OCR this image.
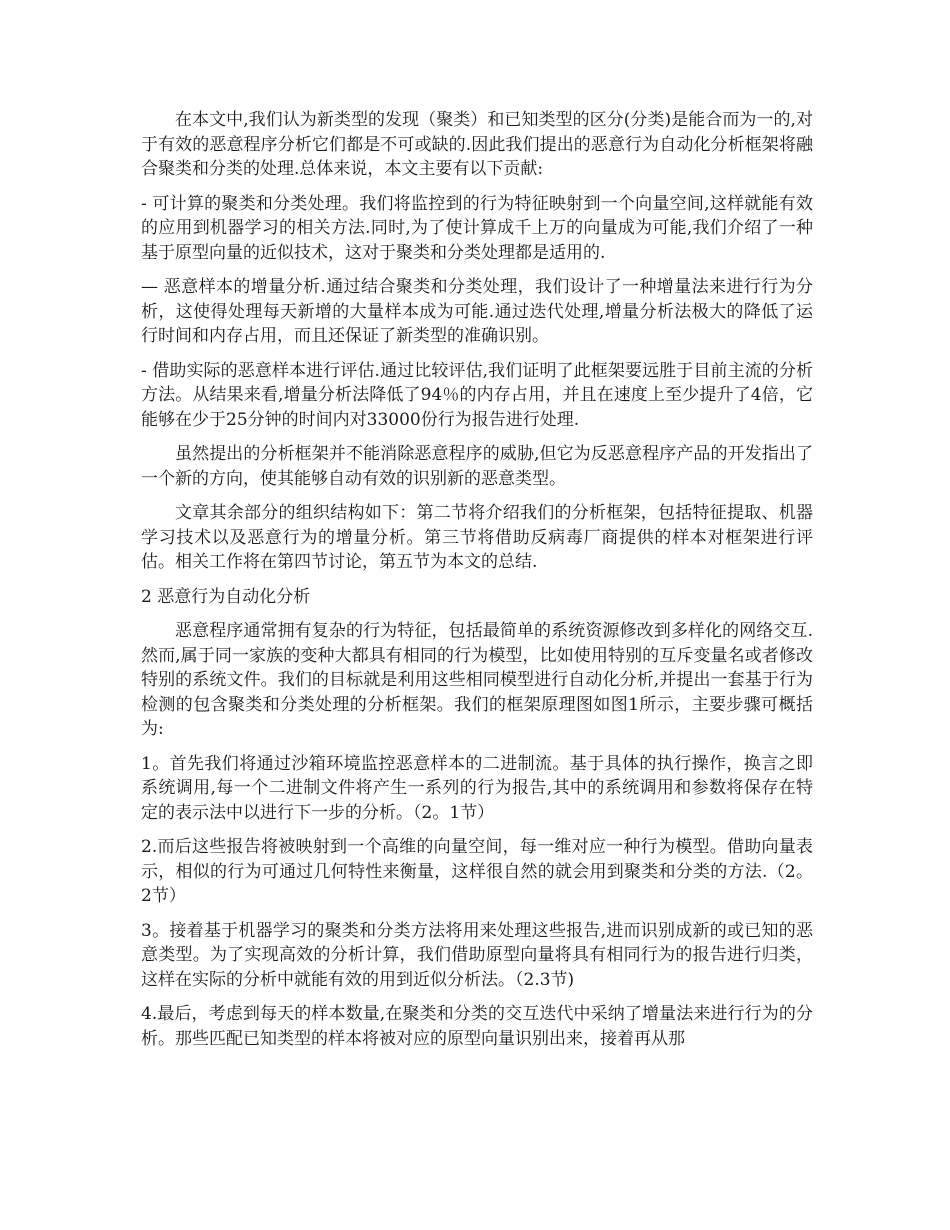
在本文中,我们认为新类型的发现（聚类）和已知类型的区分(分类)是能合而为一的,对于有效的恶意程序分析它们都是不可或缺的.因此我们提出的恶意行为自动化分析框架将融合聚类和分类的处理.总体来说，本文主要有以下贡献:

- 可计算的聚类和分类处理。我们将监控到的行为特征映射到一个向量空间,这样就能有效的应用到机器学习的相关方法.同时,为了使计算成千上万的向量成为可能,我们介绍了一种基于原型向量的近似技术，这对于聚类和分类处理都是适用的.

— 恶意样本的增量分析.通过结合聚类和分类处理，我们设计了一种增量法来进行行为分析，这使得处理每天新增的大量样本成为可能.通过迭代处理,增量分析法极大的降低了运行时间和内存占用，而且还保证了新类型的准确识别。

- 借助实际的恶意样本进行评估.通过比较评估,我们证明了此框架要远胜于目前主流的分析方法。从结果来看,增量分析法降低了94％的内存占用，并且在速度上至少提升了4倍，它能够在少于25分钟的时间内对33000份行为报告进行处理.

虽然提出的分析框架并不能消除恶意程序的威胁,但它为反恶意程序产品的开发指出了一个新的方向，使其能够自动有效的识别新的恶意类型。

文章其余部分的组织结构如下：第二节将介绍我们的分析框架，包括特征提取、机器学习技术以及恶意行为的增量分析。第三节将借助反病毒厂商提供的样本对框架进行评估。相关工作将在第四节讨论，第五节为本文的总结.

2 恶意行为自动化分析

恶意程序通常拥有复杂的行为特征，包括最简单的系统资源修改到多样化的网络交互.然而,属于同一家族的变种大都具有相同的行为模型，比如使用特别的互斥变量名或者修改特别的系统文件。我们的目标就是利用这些相同模型进行自动化分析,并提出一套基于行为检测的包含聚类和分类处理的分析框架。我们的框架原理图如图1所示，主要步骤可概括为:

1。首先我们将通过沙箱环境监控恶意样本的二进制流。基于具体的执行操作，换言之即系统调用,每一个二进制文件将产生一系列的行为报告,其中的系统调用和参数将保存在特定的表示法中以进行下一步的分析。（2。1节）

2.而后这些报告将被映射到一个高维的向量空间，每一维对应一种行为模型。借助向量表示，相似的行为可通过几何特性来衡量，这样很自然的就会用到聚类和分类的方法.（2。2节）

3。接着基于机器学习的聚类和分类方法将用来处理这些报告,进而识别成新的或已知的恶意类型。为了实现高效的分析计算，我们借助原型向量将具有相同行为的报告进行归类，这样在实际的分析中就能有效的用到近似分析法。（2.3节)

4.最后，考虑到每天的样本数量,在聚类和分类的交互迭代中采纳了增量法来进行行为的分析。那些匹配已知类型的样本将被对应的原型向量识别出来，接着再从那
